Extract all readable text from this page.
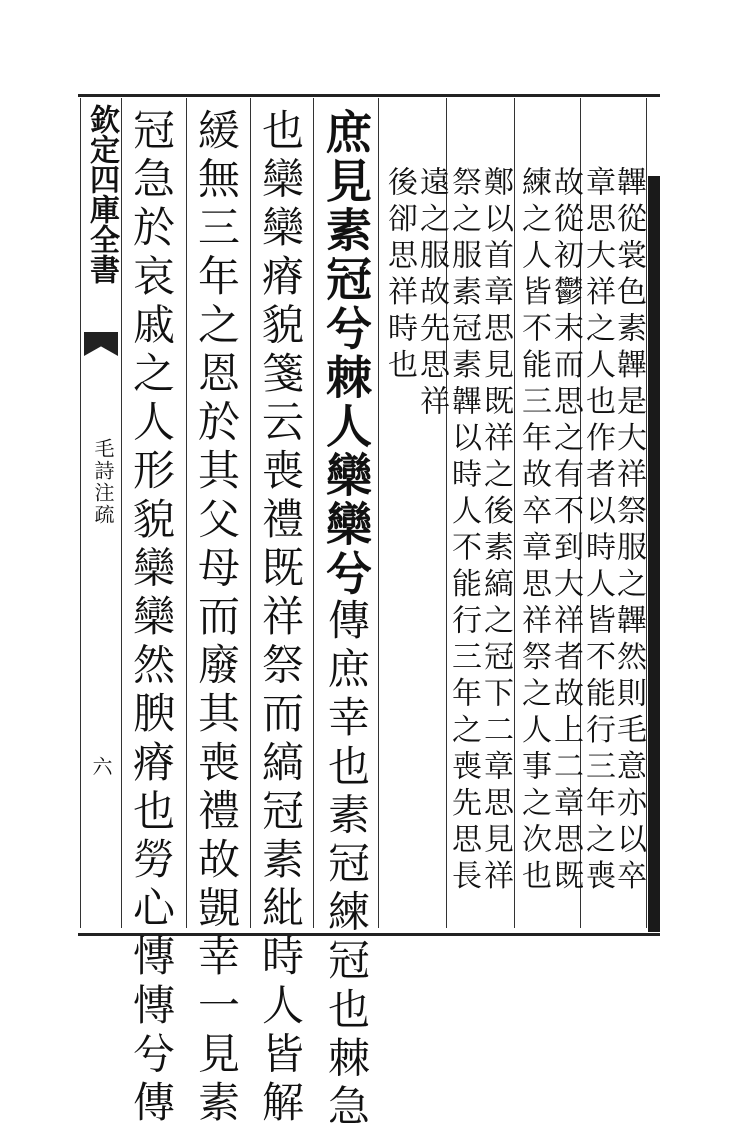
欽定四庫全書
毛詩注疏
六	韠從裳色素韠是大祥祭服之韠然則毛意亦以卒
章思大祥之人也作者以時人皆不能行三年之喪
故從初鬱末而思之有不到大祥者故上二章思既
練之人皆不能三年故卒章思祥祭之人事之次也
鄭以首章思見既祥之後素縞之冠下二章思見祥
祭之服素冠素韠以時人不能行三年之喪先思長
遠之服故先思祥
後卻思祥時也
庶見素冠兮棘人欒欒兮傳庶幸也素冠練冠也棘急
也欒欒瘠貌箋云喪禮既祥祭而縞冠素紕時人皆解
緩無三年之恩於其父母而廢其喪禮故覬幸一見素
冠急於哀戚之人形貌欒欒然腴瘠也勞心慱慱兮傳
